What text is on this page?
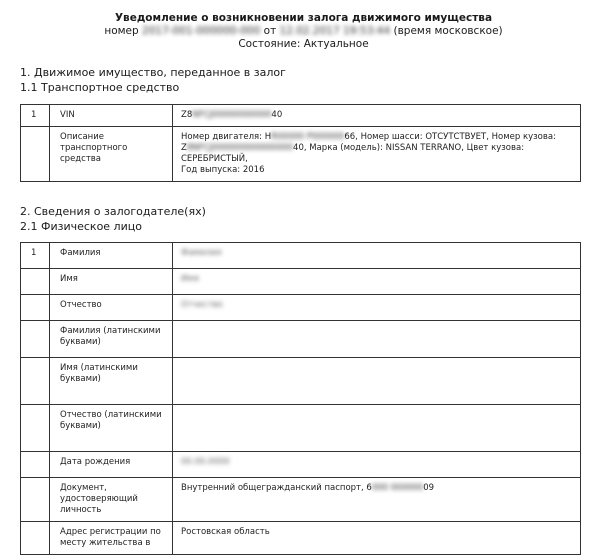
Уведомление о возникновении залога движимого имущества
номер 2017-001-000000-000 от 12.02.2017 19:53:44 (время московское)
Состояние: Актуальное
1. Движимое имущество, переданное в залог
1.1 Транспортное средство
1	VIN	Z8NFCJ0000000000040
	Описание транспортного средства	Номер двигателя: HR00000 P00000066, Номер шасси: ОТСУТСТВУЕТ, Номер кузова:
Z8NFCJ00000000000000040, Марка (модель): NISSAN TERRANO, Цвет кузова: СЕРЕБРИСТЫЙ,
Год выпуска: 2016
2. Сведения о залогодателе(ях)
2.1 Физическое лицо
1	Фамилия	Фамилия
	Имя	Имя
	Отчество	Отчество
	Фамилия (латинскими буквами)	
	Имя (латинскими буквами)	
	Отчество (латинскими буквами)	
	Дата рождения	00.00.0000
	Документ, удостоверяющий личность	Внутренний общегражданский паспорт, 6000 00000009
	Адрес регистрации по месту жительства в	Ростовская область
